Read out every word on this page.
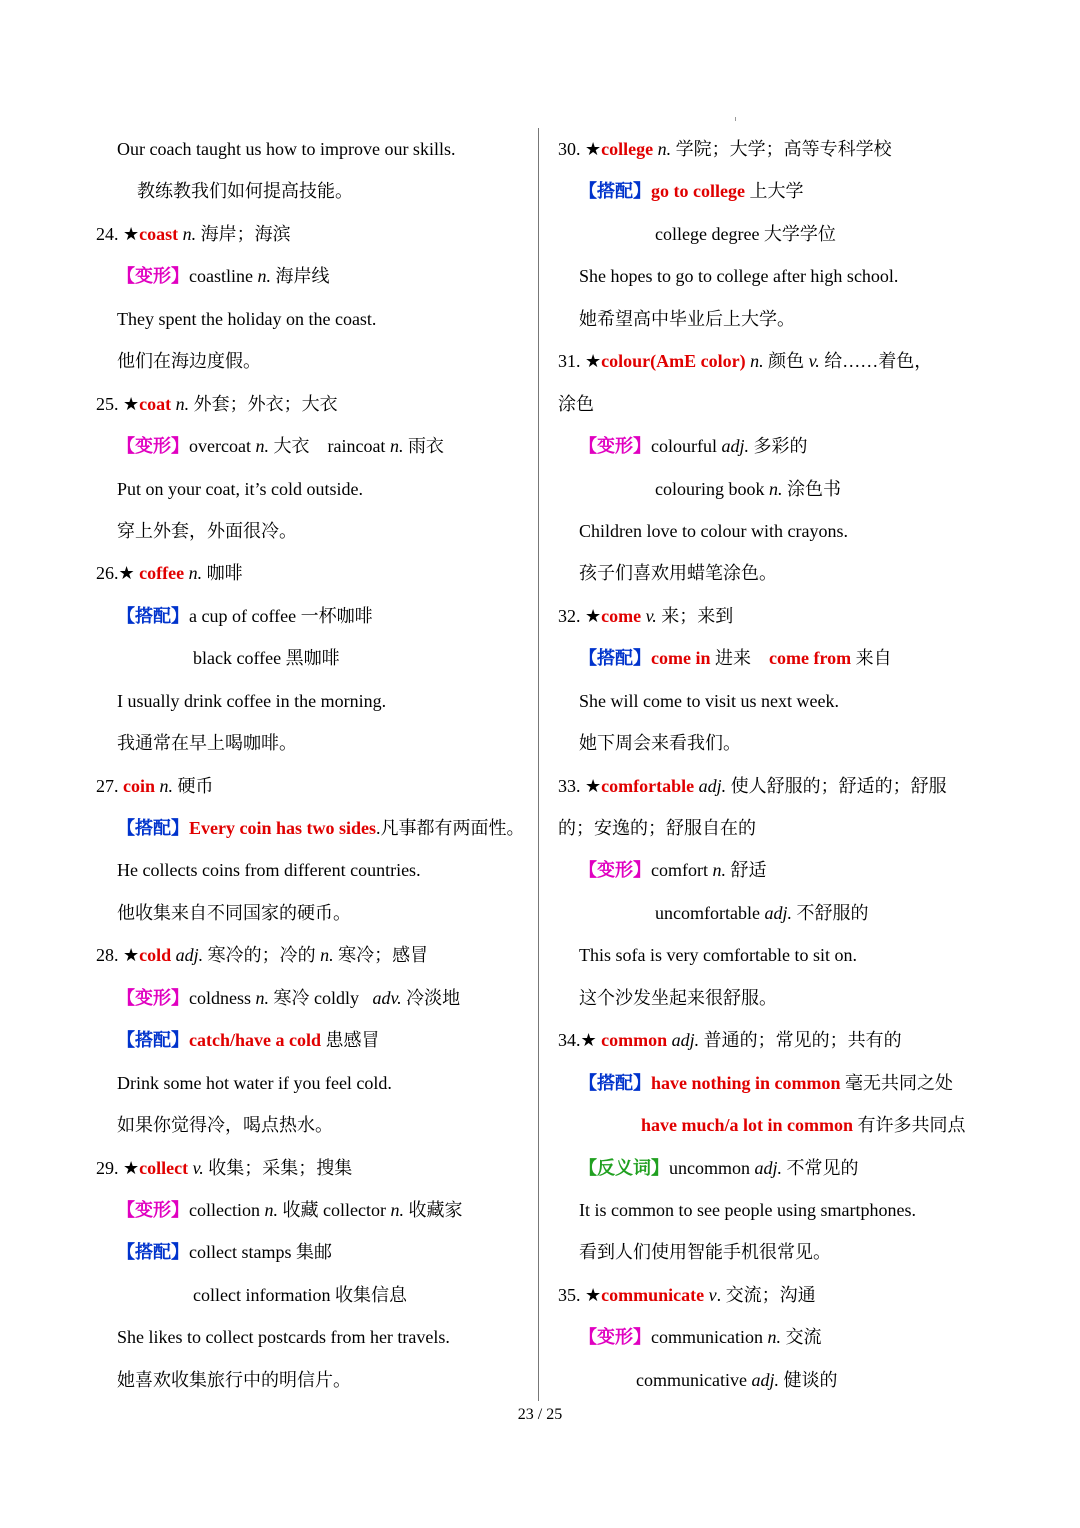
Our coach taught us how to improve our skills.
教练教我们如何提高技能。
24. ★coast n. 海岸；海滨
【变形】coastline n. 海岸线
They spent the holiday on the coast.
他们在海边度假。
25. ★coat n. 外套；外衣；大衣
【变形】overcoat n. 大衣 raincoat n. 雨衣
Put on your coat, it’s cold outside.
穿上外套，外面很冷。
26.★ coffee n. 咖啡
【搭配】a cup of coffee 一杯咖啡
black coffee 黑咖啡
I usually drink coffee in the morning.
我通常在早上喝咖啡。
27. coin n. 硬币
【搭配】Every coin has two sides.凡事都有两面性。
He collects coins from different countries.
他收集来自不同国家的硬币。
28. ★cold adj. 寒冷的；冷的 n. 寒冷；感冒
【变形】coldness n. 寒冷 coldly adv. 冷淡地
【搭配】catch/have a cold 患感冒
Drink some hot water if you feel cold.
如果你觉得冷，喝点热水。
29. ★collect v. 收集；采集；搜集
【变形】collection n. 收藏 collector n. 收藏家
【搭配】collect stamps 集邮
collect information 收集信息
She likes to collect postcards from her travels.
她喜欢收集旅行中的明信片。
30. ★college n. 学院；大学；高等专科学校
【搭配】go to college 上大学
college degree 大学学位
She hopes to go to college after high school.
她希望高中毕业后上大学。
31. ★colour(AmE color) n. 颜色 v. 给……着色，
涂色
【变形】colourful adj. 多彩的
colouring book n. 涂色书
Children love to colour with crayons.
孩子们喜欢用蜡笔涂色。
32. ★come v. 来；来到
【搭配】come in 进来 come from 来自
She will come to visit us next week.
她下周会来看我们。
33. ★comfortable adj. 使人舒服的；舒适的；舒服
的；安逸的；舒服自在的
【变形】comfort n. 舒适
uncomfortable adj. 不舒服的
This sofa is very comfortable to sit on.
这个沙发坐起来很舒服。
34.★ common adj. 普通的；常见的；共有的
【搭配】have nothing in common 毫无共同之处
have much/a lot in common 有许多共同点
【反义词】uncommon adj. 不常见的
It is common to see people using smartphones.
看到人们使用智能手机很常见。
35. ★communicate v. 交流；沟通
【变形】communication n. 交流
communicative adj. 健谈的
23 / 25
